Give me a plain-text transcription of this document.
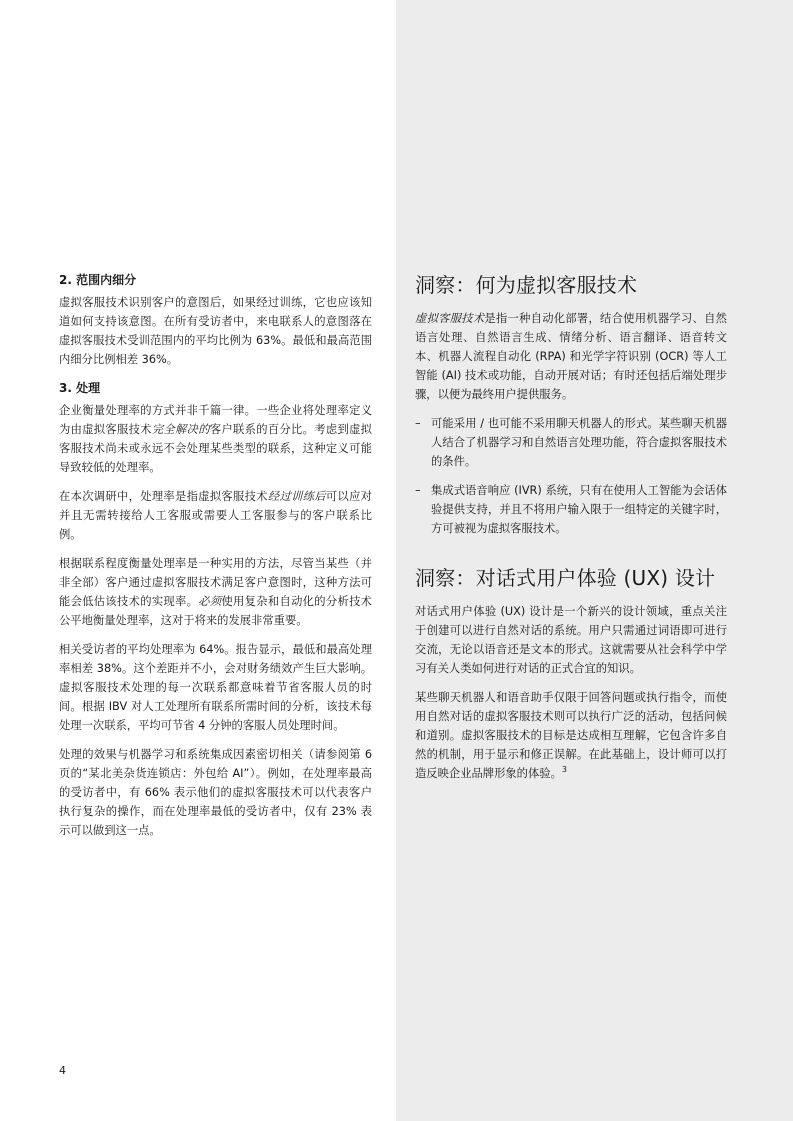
2. 范围内细分

虚拟客服技术识别客户的意图后，如果经过训练，它也应该知道如何支持该意图。在所有受访者中，来电联系人的意图落在虚拟客服技术受训范围内的平均比例为 63%。最低和最高范围内细分比例相差 36%。

3. 处理

企业衡量处理率的方式并非千篇一律。一些企业将处理率定义为由虚拟客服技术完全解决的客户联系的百分比。考虑到虚拟客服技术尚未或永远不会处理某些类型的联系，这种定义可能导致较低的处理率。

在本次调研中，处理率是指虚拟客服技术经过训练后可以应对并且无需转接给人工客服或需要人工客服参与的客户联系比例。

根据联系程度衡量处理率是一种实用的方法，尽管当某些（并非全部）客户通过虚拟客服技术满足客户意图时，这种方法可能会低估该技术的实现率。必须使用复杂和自动化的分析技术公平地衡量处理率，这对于将来的发展非常重要。

相关受访者的平均处理率为 64%。报告显示，最低和最高处理率相差 38%。这个差距并不小，会对财务绩效产生巨大影响。虚拟客服技术处理的每一次联系都意味着节省客服人员的时间。根据 IBV 对人工处理所有联系所需时间的分析，该技术每处理一次联系，平均可节省 4 分钟的客服人员处理时间。

处理的效果与机器学习和系统集成因素密切相关（请参阅第 6 页的“某北美杂货连锁店：外包给 AI”）。例如，在处理率最高的受访者中，有 66% 表示他们的虚拟客服技术可以代表客户执行复杂的操作，而在处理率最低的受访者中，仅有 23% 表示可以做到这一点。

洞察：何为虚拟客服技术

虚拟客服技术是指一种自动化部署，结合使用机器学习、自然语言处理、自然语言生成、情绪分析、语言翻译、语音转文本、机器人流程自动化 (RPA) 和光学字符识别 (OCR) 等人工智能 (AI) 技术或功能，自动开展对话；有时还包括后端处理步骤，以便为最终用户提供服务。

– 可能采用 / 也可能不采用聊天机器人的形式。某些聊天机器人结合了机器学习和自然语言处理功能，符合虚拟客服技术的条件。
– 集成式语音响应 (IVR) 系统，只有在使用人工智能为会话体验提供支持，并且不将用户输入限于一组特定的关键字时，方可被视为虚拟客服技术。
洞察：对话式用户体验 (UX) 设计

对话式用户体验 (UX) 设计是一个新兴的设计领域，重点关注于创建可以进行自然对话的系统。用户只需通过词语即可进行交流，无论以语音还是文本的形式。这就需要从社会科学中学习有关人类如何进行对话的正式合宜的知识。

某些聊天机器人和语音助手仅限于回答问题或执行指令，而使用自然对话的虚拟客服技术则可以执行广泛的活动，包括问候和道别。虚拟客服技术的目标是达成相互理解，它包含许多自然的机制，用于显示和修正误解。在此基础上，设计师可以打造反映企业品牌形象的体验。$^3$

4
